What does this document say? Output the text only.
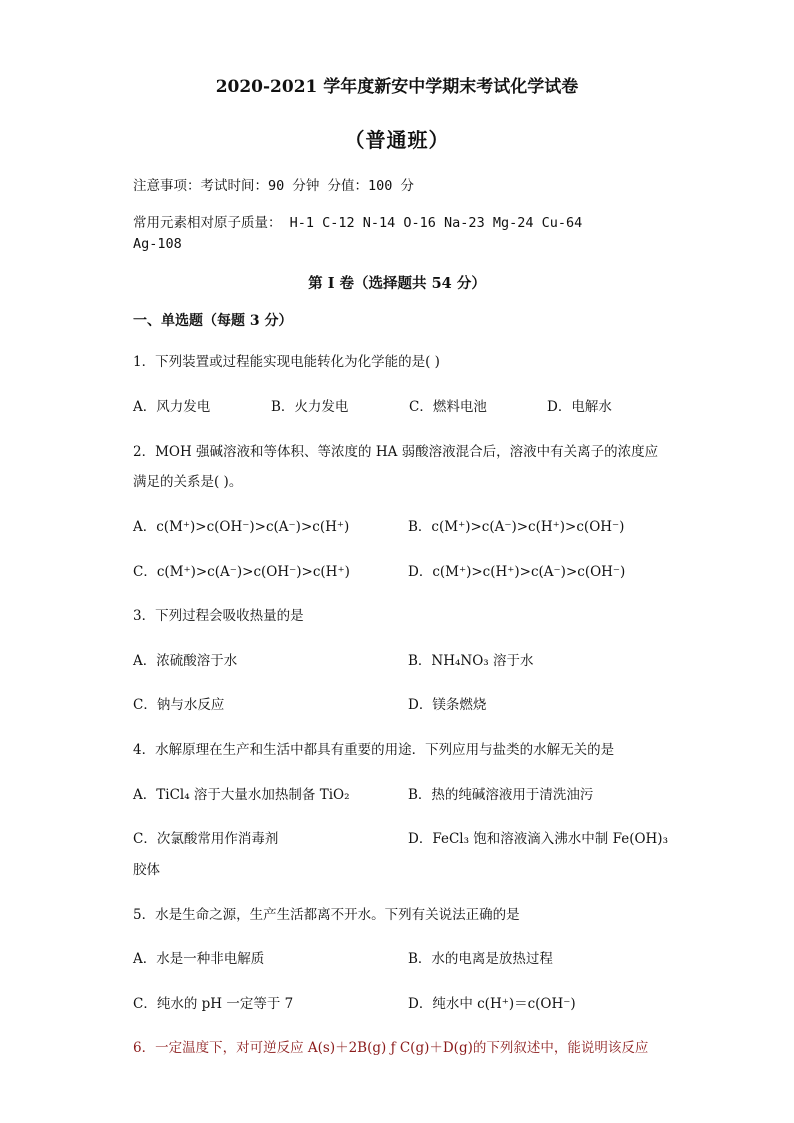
2020-2021 学年度新安中学期末考试化学试卷
（普通班）
注意事项：考试时间：90 分钟 分值：100 分
常用元素相对原子质量： H-1 C-12 N-14 O-16 Na-23 Mg-24 Cu-64
Ag-108
第 I 卷（选择题共 54 分）
一、单选题（每题 3 分）
1．下列装置或过程能实现电能转化为化学能的是( )
A．风力发电	B．火力发电	C．燃料电池	D．电解水
2．MOH 强碱溶液和等体积、等浓度的 HA 弱酸溶液混合后，溶液中有关离子的浓度应
满足的关系是( )。
A．c(M⁺)>c(OH⁻)>c(A⁻)>c(H⁺)	B．c(M⁺)>c(A⁻)>c(H⁺)>c(OH⁻)
C．c(M⁺)>c(A⁻)>c(OH⁻)>c(H⁺)	D．c(M⁺)>c(H⁺)>c(A⁻)>c(OH⁻)
3．下列过程会吸收热量的是
A．浓硫酸溶于水	B．NH₄NO₃ 溶于水
C．钠与水反应	D．镁条燃烧
4．水解原理在生产和生活中都具有重要的用途．下列应用与盐类的水解无关的是
A．TiCl₄ 溶于大量水加热制备 TiO₂	B．热的纯碱溶液用于清洗油污
C．次氯酸常用作消毒剂	D．FeCl₃ 饱和溶液滴入沸水中制 Fe(OH)₃
胶体
5．水是生命之源，生产生活都离不开水。下列有关说法正确的是
A．水是一种非电解质	B．水的电离是放热过程
C．纯水的 pH 一定等于 7	D．纯水中 c(H⁺)＝c(OH⁻)
6．一定温度下，对可逆反应 A(s)＋2B(g) ƒ C(g)＋D(g)的下列叙述中，能说明该反应
